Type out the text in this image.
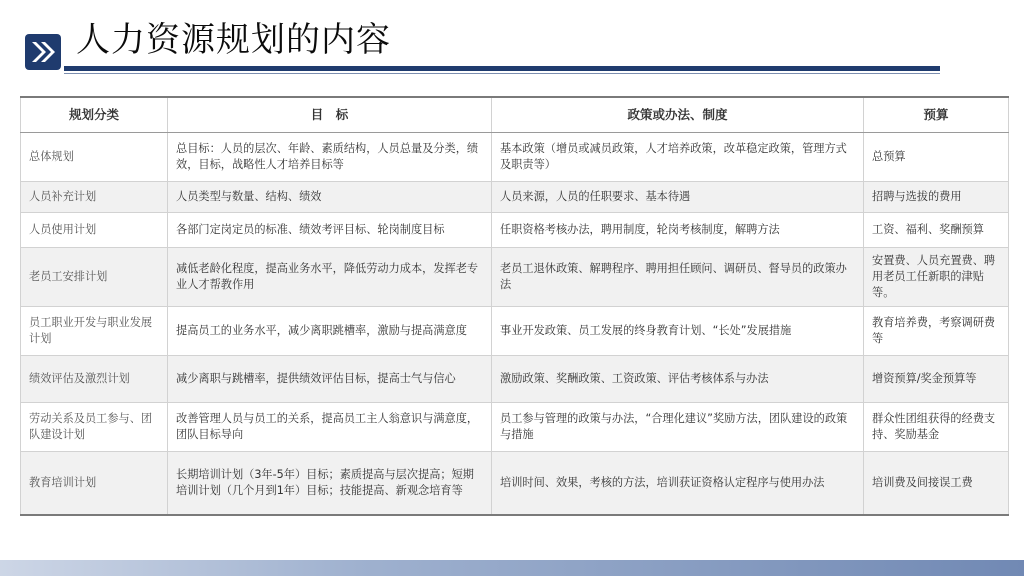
人力资源规划的内容
规划分类	目　标	政策或办法、制度	预算
总体规划	总目标：人员的层次、年龄、素质结构，人员总量及分类，绩效，目标，战略性人才培养目标等	基本政策（增员或减员政策，人才培养政策，改革稳定政策，管理方式及职责等）	总预算
人员补充计划	人员类型与数量、结构、绩效	人员来源，人员的任职要求、基本待遇	招聘与选拔的费用
人员使用计划	各部门定岗定员的标准、绩效考评目标、轮岗制度目标	任职资格考核办法，聘用制度，轮岗考核制度，解聘方法	工资、福利、奖酬预算
老员工安排计划	减低老龄化程度，提高业务水平，降低劳动力成本，发挥老专业人才帮教作用	老员工退休政策、解聘程序、聘用担任顾问、调研员、督导员的政策办法	安置费、人员充置费、聘用老员工任新职的津贴等。
员工职业开发与职业发展计划	提高员工的业务水平，减少离职跳槽率，激励与提高满意度	事业开发政策、员工发展的终身教育计划、“长处”发展措施	教育培养费，考察调研费等
绩效评估及激烈计划	减少离职与跳槽率，提供绩效评估目标，提高士气与信心	激励政策、奖酬政策、工资政策、评估考核体系与办法	增资预算/奖金预算等
劳动关系及员工参与、团队建设计划	改善管理人员与员工的关系，提高员工主人翁意识与满意度，团队目标导向	员工参与管理的政策与办法，“合理化建议”奖励方法，团队建设的政策与措施	群众性团组获得的经费支持、奖励基金
教育培训计划	长期培训计划（3年-5年）目标；素质提高与层次提高；短期培训计划（几个月到1年）目标；技能提高、新观念培育等	培训时间、效果，考核的方法，培训获证资格认定程序与使用办法	培训费及间接误工费
